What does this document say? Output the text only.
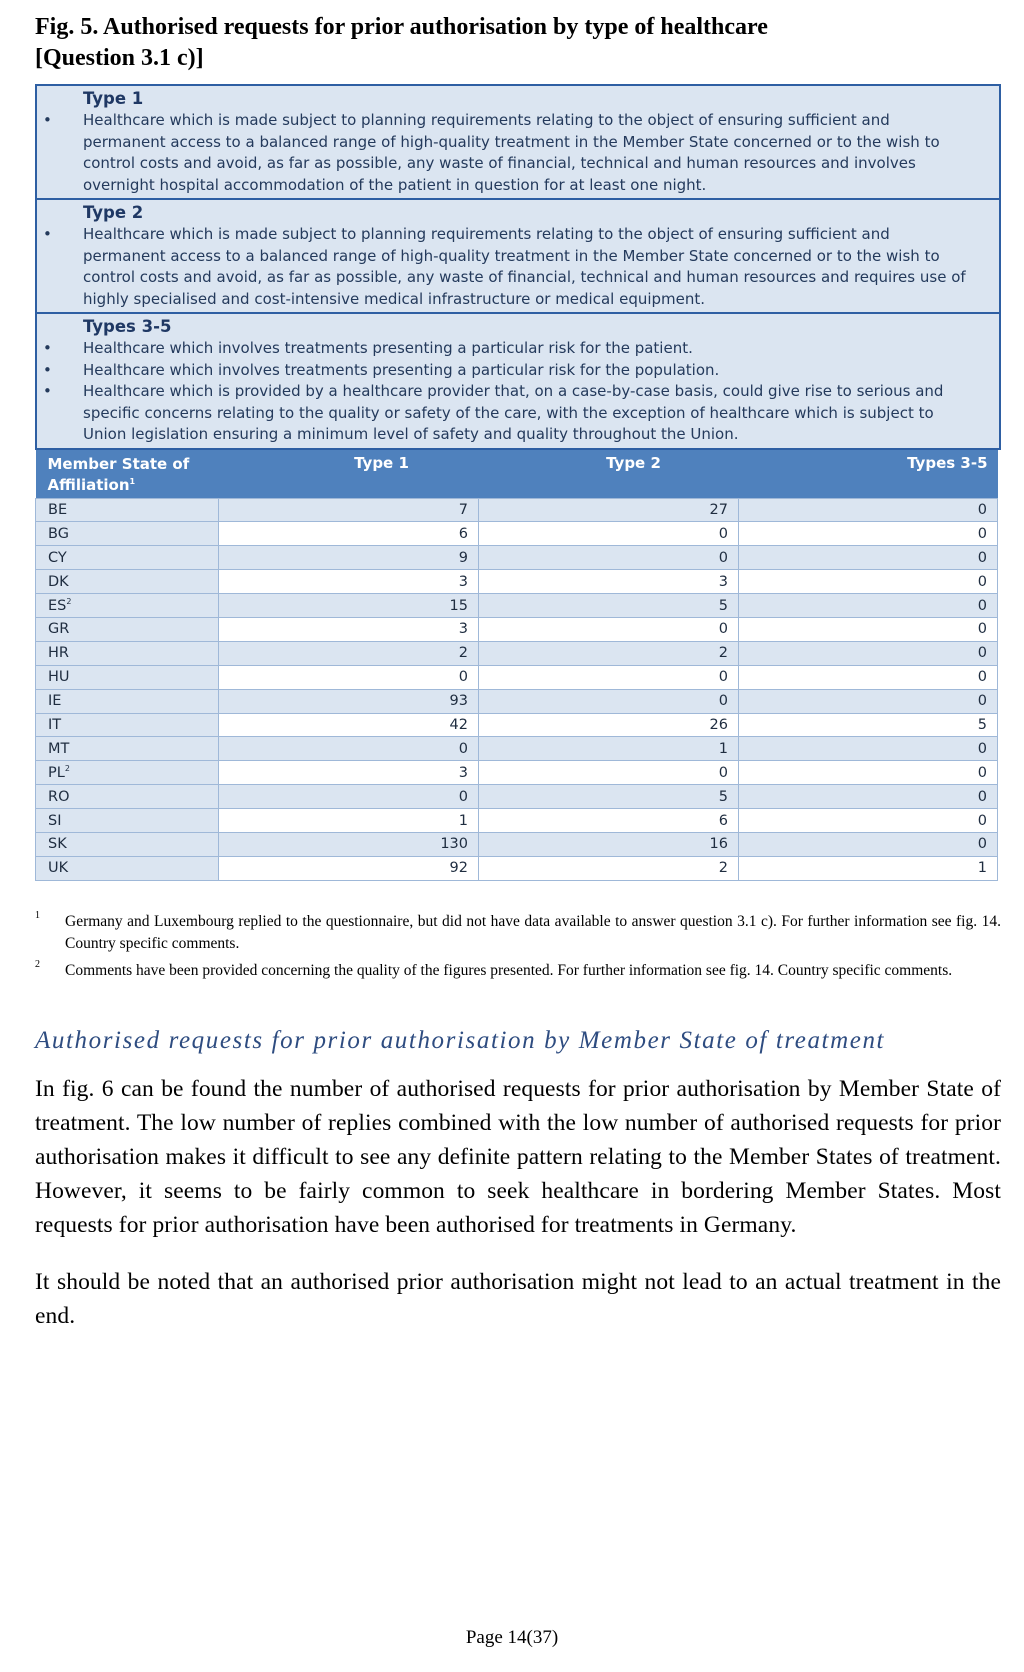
Fig. 5. Authorised requests for prior authorisation by type of healthcare
[Question 3.1 c)]
Type 1
• Healthcare which is made subject to planning requirements relating to the object of ensuring sufficient and permanent access to a balanced range of high-quality treatment in the Member State concerned or to the wish to control costs and avoid, as far as possible, any waste of financial, technical and human resources and involves overnight hospital accommodation of the patient in question for at least one night.
Type 2
• Healthcare which is made subject to planning requirements relating to the object of ensuring sufficient and permanent access to a balanced range of high-quality treatment in the Member State concerned or to the wish to control costs and avoid, as far as possible, any waste of financial, technical and human resources and requires use of highly specialised and cost-intensive medical infrastructure or medical equipment.
Types 3-5
• Healthcare which involves treatments presenting a particular risk for the patient.
• Healthcare which involves treatments presenting a particular risk for the population.
• Healthcare which is provided by a healthcare provider that, on a case-by-case basis, could give rise to serious and specific concerns relating to the quality or safety of the care, with the exception of healthcare which is subject to Union legislation ensuring a minimum level of safety and quality throughout the Union.
Member State of
Affiliation$^1$	Type 1	Type 2	Types 3-5
BE	7	27	0
BG	6	0	0
CY	9	0	0
DK	3	3	0
$ES^2$	15	5	0
GR	3	0	0
HR	2	2	0
HU	0	0	0
IE	93	0	0
IT	42	26	5
MT	0	1	0
$PL^2$	3	0	0
RO	0	5	0
SI	1	6	0
SK	130	16	0
UK	92	2	1
1 Germany and Luxembourg replied to the questionnaire, but did not have data available to answer question 3.1 c). For further information see fig. 14. Country specific comments.
2 Comments have been provided concerning the quality of the figures presented. For further information see fig. 14. Country specific comments.
Authorised requests for prior authorisation by Member State of treatment

In fig. 6 can be found the number of authorised requests for prior authorisation by Member State of treatment. The low number of replies combined with the low number of authorised requests for prior authorisation makes it difficult to see any definite pattern relating to the Member States of treatment. However, it seems to be fairly common to seek healthcare in bordering Member States. Most requests for prior authorisation have been authorised for treatments in Germany.

It should be noted that an authorised prior authorisation might not lead to an actual treatment in the end.

Page 14(37)
